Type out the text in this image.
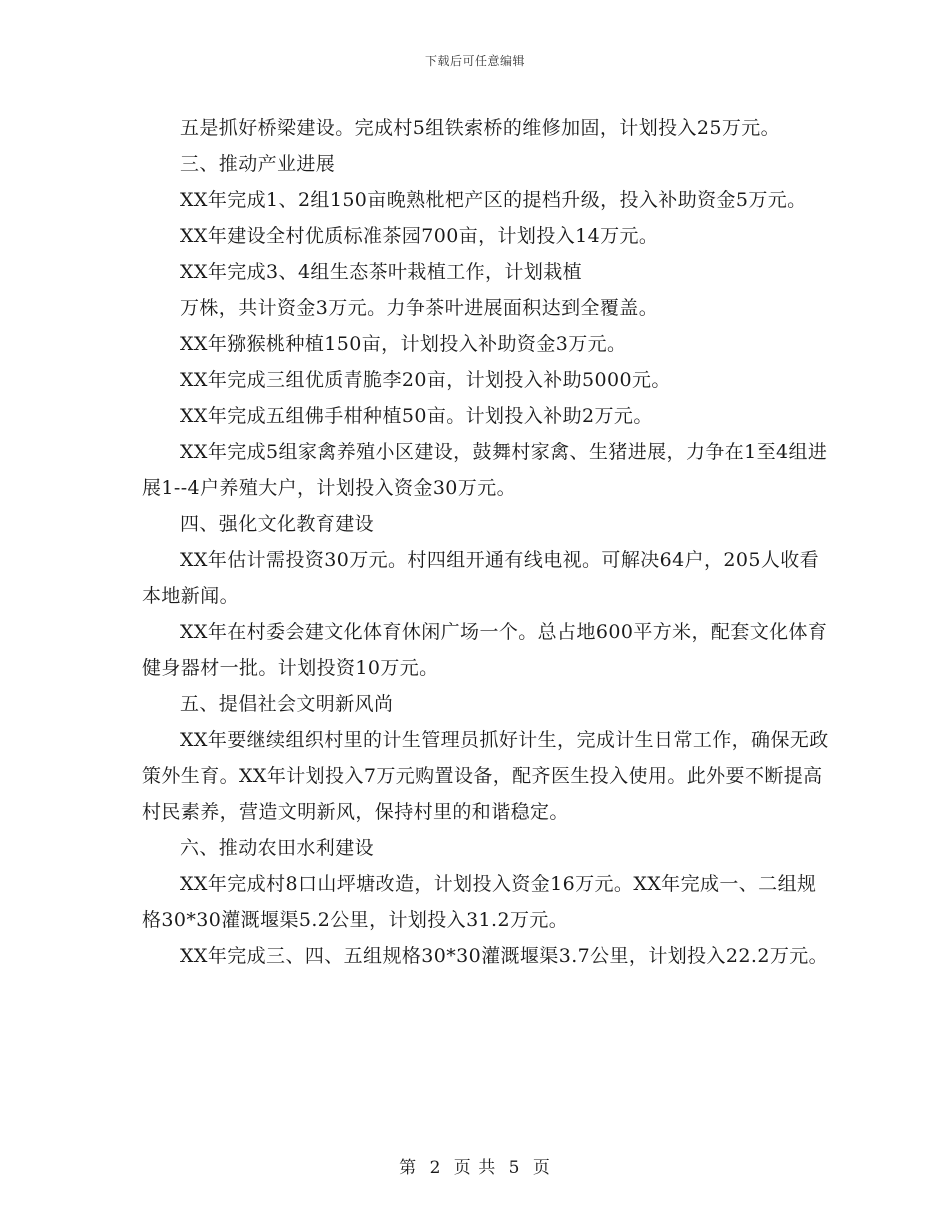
下载后可任意编辑

五是抓好桥梁建设。完成村5组铁索桥的维修加固，计划投入25万元。

三、推动产业进展

XX年完成1、2组150亩晚熟枇杷产区的提档升级，投入补助资金5万元。

XX年建设全村优质标准茶园700亩，计划投入14万元。

XX年完成3、4组生态茶叶栽植工作，计划栽植

万株，共计资金3万元。力争茶叶进展面积达到全覆盖。

XX年猕猴桃种植150亩，计划投入补助资金3万元。

XX年完成三组优质青脆李20亩，计划投入补助5000元。

XX年完成五组佛手柑种植50亩。计划投入补助2万元。

XX年完成5组家禽养殖小区建设，鼓舞村家禽、生猪进展，力争在1至4组进展1--4户养殖大户，计划投入资金30万元。

四、强化文化教育建设

XX年估计需投资30万元。村四组开通有线电视。可解决64户，205人收看本地新闻。

XX年在村委会建文化体育休闲广场一个。总占地600平方米，配套文化体育健身器材一批。计划投资10万元。

五、提倡社会文明新风尚

XX年要继续组织村里的计生管理员抓好计生，完成计生日常工作，确保无政策外生育。XX年计划投入7万元购置设备，配齐医生投入使用。此外要不断提高村民素养，营造文明新风，保持村里的和谐稳定。

六、推动农田水利建设

XX年完成村8口山坪塘改造，计划投入资金16万元。XX年完成一、二组规格30*30灌溉堰渠5.2公里，计划投入31.2万元。

XX年完成三、四、五组规格30*30灌溉堰渠3.7公里，计划投入22.2万元。

第 2 页 共 5 页
